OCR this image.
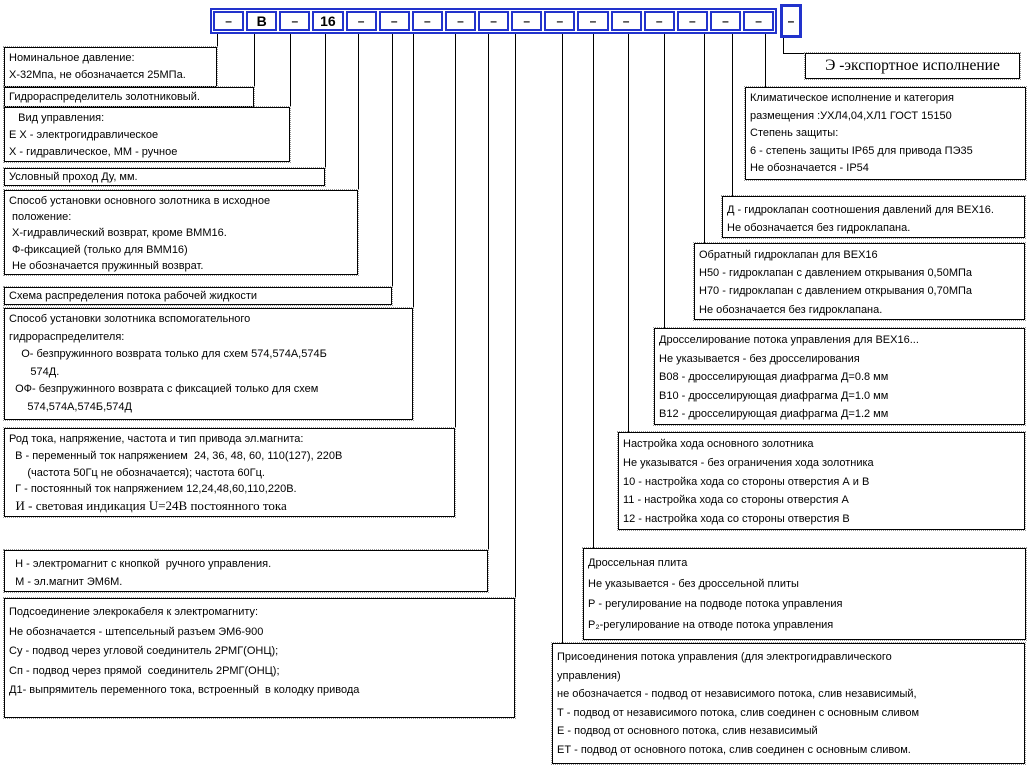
–	В	–	16	–	–	–	–	–	–	–	–	–	–	–	–	–	–
Номинальное давление:
Х-32Мпа, не обозначается 25МПа.
Гидрораспределитель золотниковый.
Вид управления:
Е Х - электрогидравлическое
Х - гидравлическое, ММ - ручное
Условный проход Ду, мм.
Способ установки основного золотника в исходное
положение:
Х-гидравлический возврат, кроме ВММ16.
Ф-фиксацией (только для ВММ16)
Не обозначается пружинный возврат.
Схема распределения потока рабочей жидкости
Способ установки золотника вспомогательного
гидрораспределителя:
О- безпружинного возврата только для схем 574,574А,574Б
574Д.
ОФ- безпружинного возврата с фиксацией только для схем
574,574А,574Б,574Д
Род тока, напряжение, частота и тип привода эл.магнита:
В - переменный ток напряжением  24, 36, 48, 60, 110(127), 220В
(частота 50Гц не обозначается); частота 60Гц.
Г - постоянный ток напряжением 12,24,48,60,110,220В.
И - световая индикация U=24В постоянного тока
Н - электромагнит с кнопкой  ручного управления.
М - эл.магнит ЭМ6М.
Подсоединение элекрокабеля к электромагниту:
Не обозначается - штепсельный разъем ЭМ6-900
Су - подвод через угловой соединитель 2РМГ(ОНЦ);
Сп - подвод через прямой  соединитель 2РМГ(ОНЦ);
Д1- выпрямитель переменного тока, встроенный  в колодку привода
Э -экспортное исполнение
Климатическое исполнение и категория
размещения :УХЛ4,04,ХЛ1 ГОСТ 15150
Степень защиты:
6 - степень защиты IP65 для привода ПЭ35
Не обозначается - IP54
Д - гидроклапан соотношения давлений для ВЕХ16.
Не обозначается без гидроклапана.
Обратный гидроклапан для ВЕХ16
Н50 - гидроклапан с давлением открывания 0,50МПа
Н70 - гидроклапан с давлением открывания 0,70МПа
Не обозначается без гидроклапана.
Дросселирование потока управления для ВЕХ16...
Не указывается - без дросселирования
В08 - дросселирующая диафрагма Д=0.8 мм
В10 - дросселирующая диафрагма Д=1.0 мм
В12 - дросселирующая диафрагма Д=1.2 мм
Настройка хода основного золотника
Не указыватся - без ограничения хода золотника
10 - настройка хода со стороны отверстия А и В
11 - настройка хода со стороны отверстия А
12 - настройка хода со стороны отверстия В
Дроссельная плита
Не указывается - без дроссельной плиты
Р - регулирование на подводе потока управления
Р₂-регулирование на отводе потока управления
Присоединения потока управления (для электрогидравлического
управления)
не обозначается - подвод от независимого потока, слив независимый,
Т - подвод от независимого потока, слив соединен с основным сливом
Е - подвод от основного потока, слив независимый
ЕТ - подвод от основного потока, слив соединен с основным сливом.
